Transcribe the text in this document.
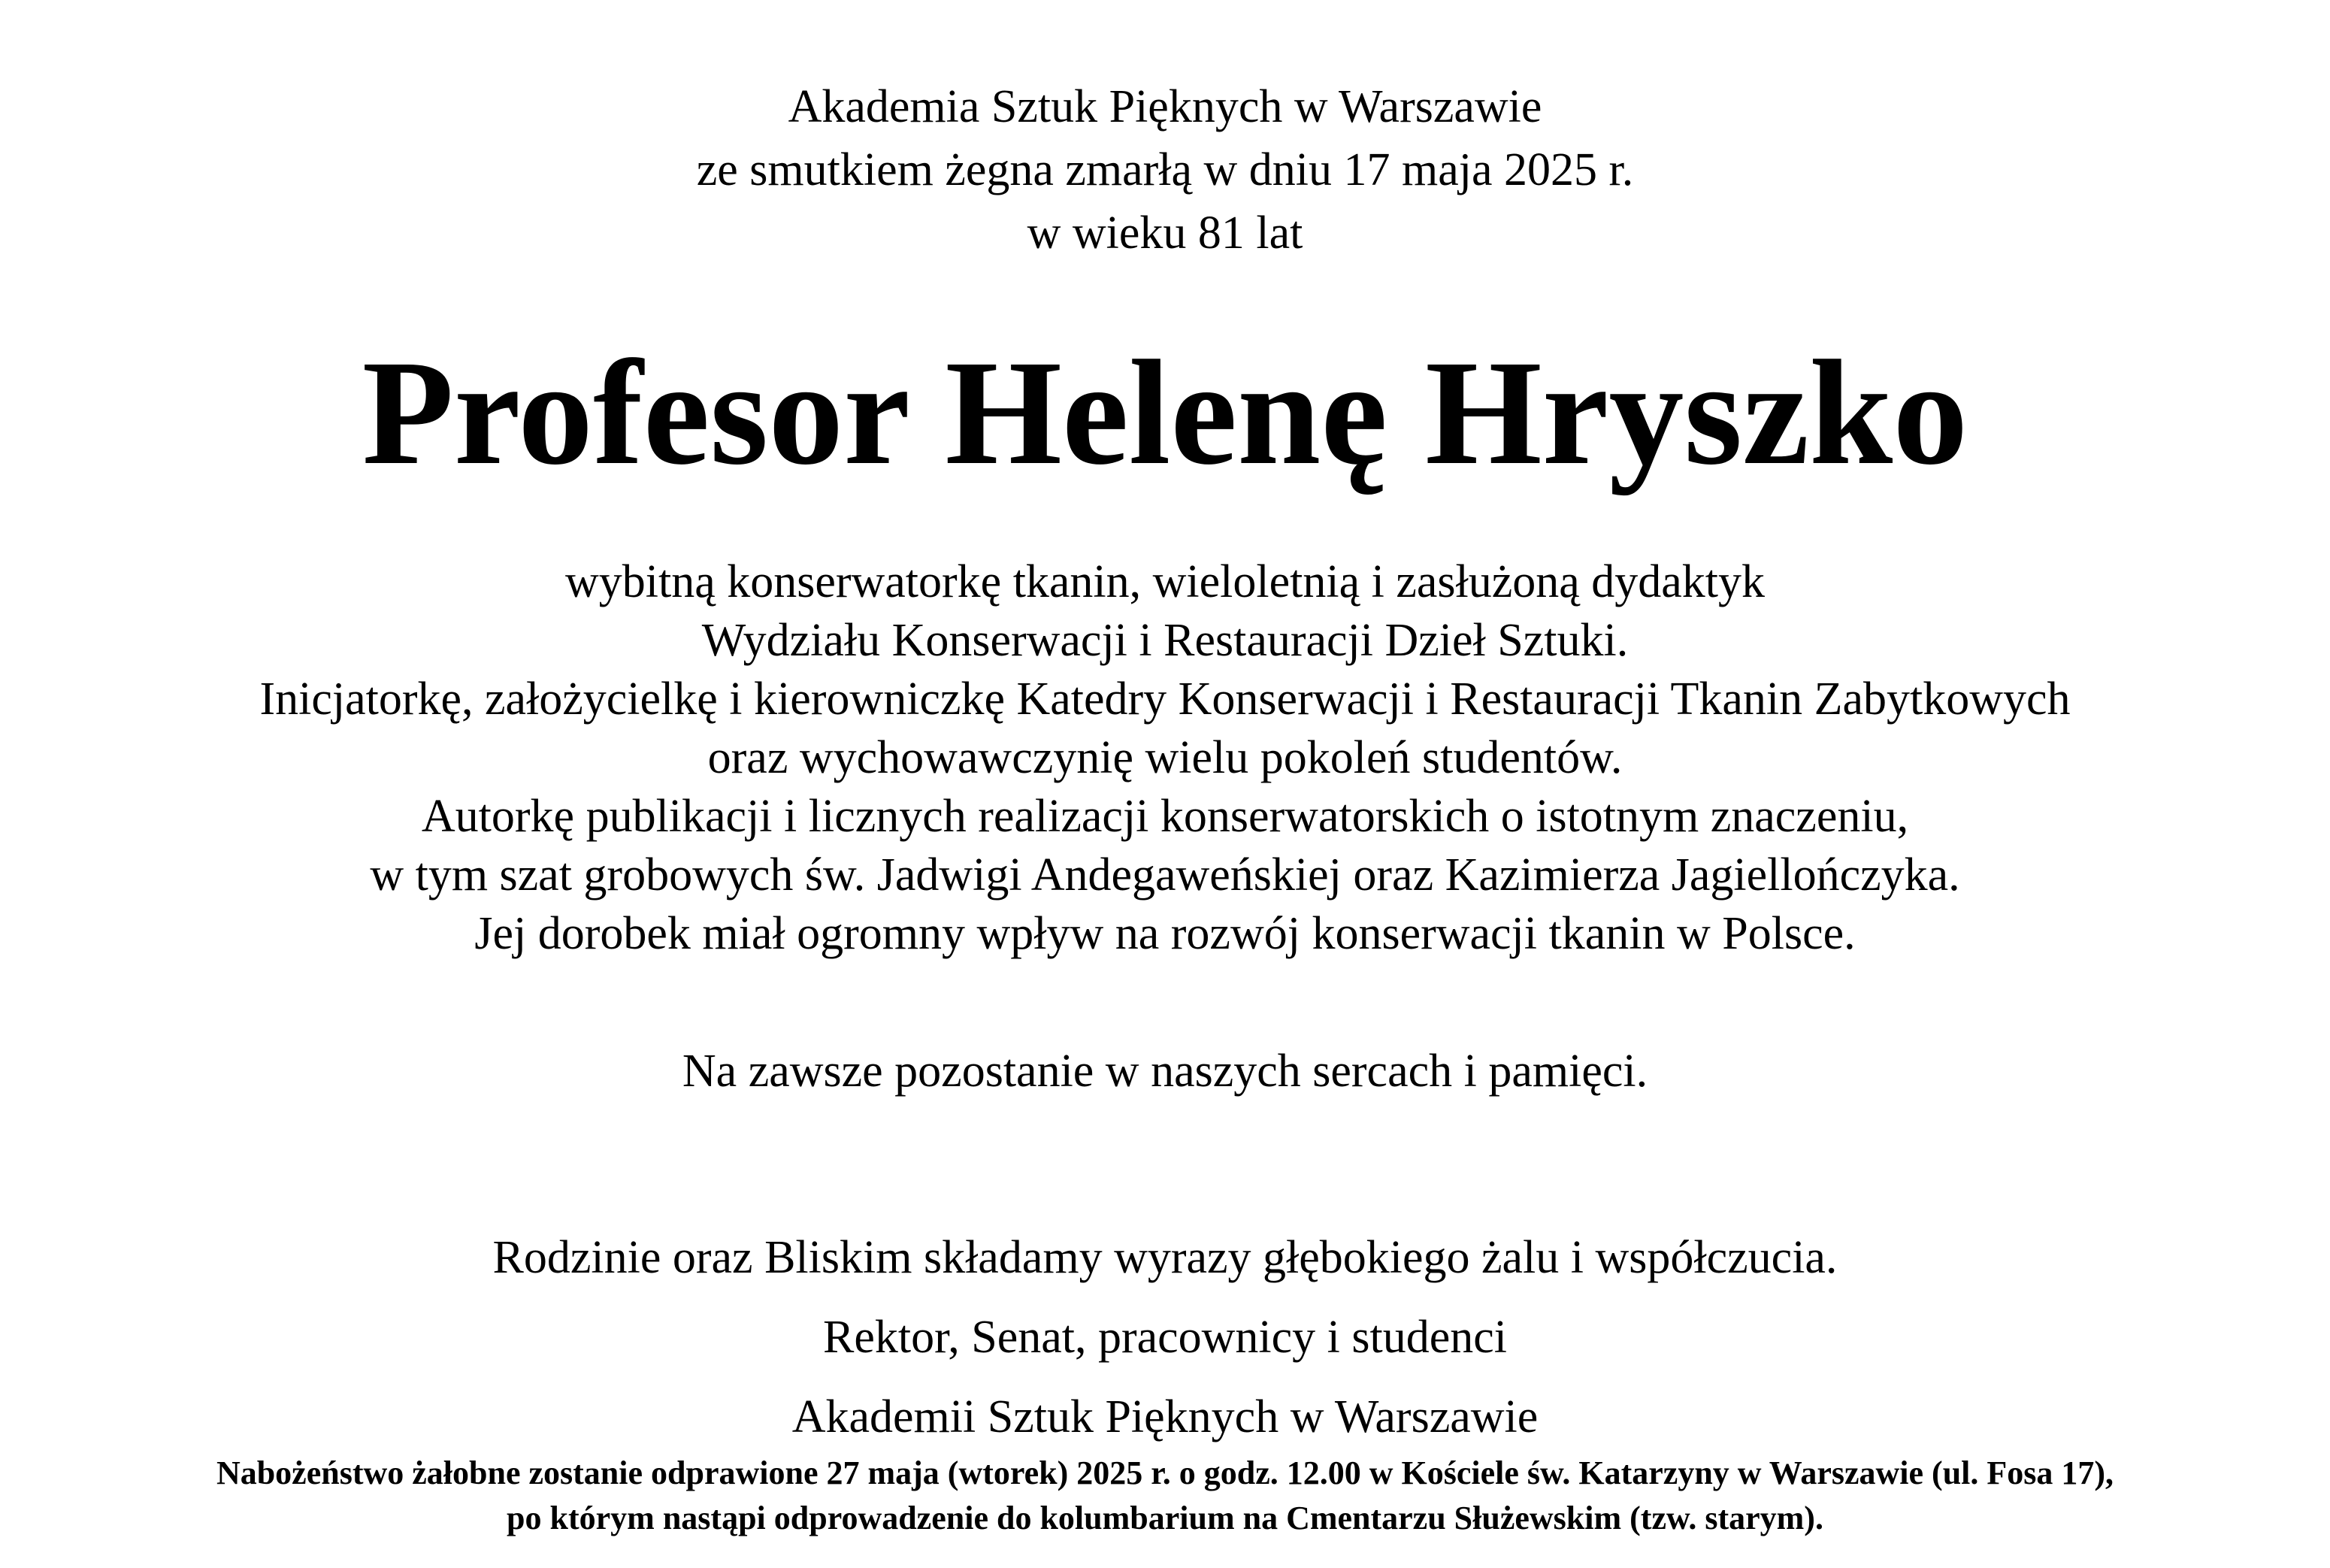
Akademia Sztuk Pięknych w Warszawie
ze smutkiem żegna zmarłą w dniu 17 maja 2025 r.
w wieku 81 lat
Profesor Helenę Hryszko
wybitną konserwatorkę tkanin, wieloletnią i zasłużoną dydaktyk
Wydziału Konserwacji i Restauracji Dzieł Sztuki.
Inicjatorkę, założycielkę i kierowniczkę Katedry Konserwacji i Restauracji Tkanin Zabytkowych
oraz wychowawczynię wielu pokoleń studentów.
Autorkę publikacji i licznych realizacji konserwatorskich o istotnym znaczeniu,
w tym szat grobowych św. Jadwigi Andegaweńskiej oraz Kazimierza Jagiellończyka.
Jej dorobek miał ogromny wpływ na rozwój konserwacji tkanin w Polsce.
Na zawsze pozostanie w naszych sercach i pamięci.
Rodzinie oraz Bliskim składamy wyrazy głębokiego żalu i współczucia.
Rektor, Senat, pracownicy i studenci
Akademii Sztuk Pięknych w Warszawie
Nabożeństwo żałobne zostanie odprawione 27 maja (wtorek) 2025 r. o godz. 12.00 w Kościele św. Katarzyny w Warszawie (ul. Fosa 17),
po którym nastąpi odprowadzenie do kolumbarium na Cmentarzu Służewskim (tzw. starym).
